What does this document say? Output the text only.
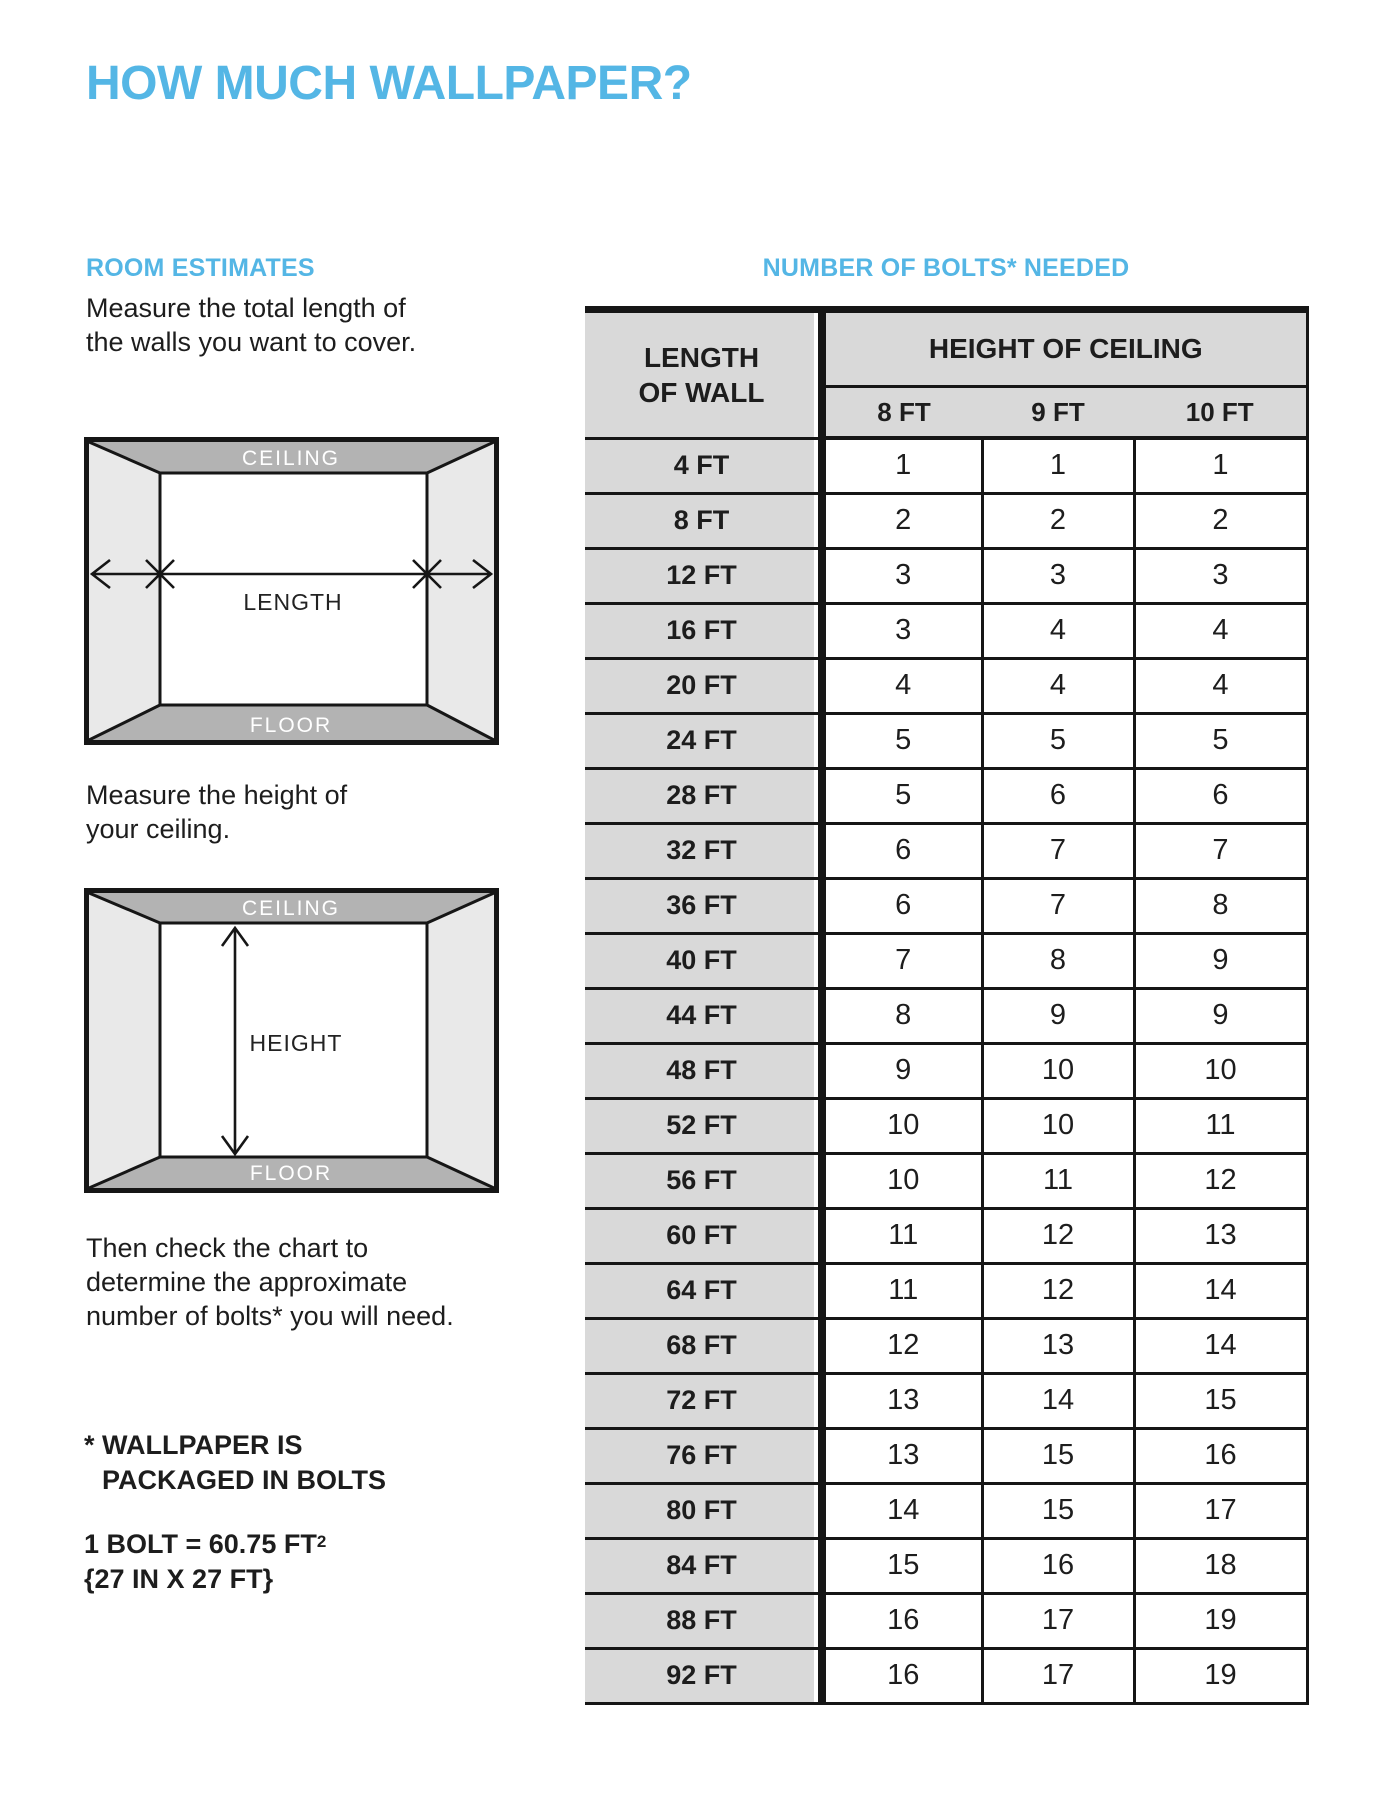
HOW MUCH WALLPAPER?
ROOM ESTIMATES
Measure the total length of
the walls you want to cover.
CEILING
FLOOR
LENGTH
Measure the height of
your ceiling.
CEILING
FLOOR
HEIGHT
Then check the chart to
determine the approximate
number of bolts* you will need.
* WALLPAPER IS
PACKAGED IN BOLTS
1 BOLT = 60.75 $FT^2$
{27 IN X 27 FT}
NUMBER OF BOLTS* NEEDED
LENGTH
OF WALL	HEIGHT OF CEILING		
	8 FT	9 FT	10 FT
4 FT	1	1	1
8 FT	2	2	2
12 FT	3	3	3
16 FT	3	4	4
20 FT	4	4	4
24 FT	5	5	5
28 FT	5	6	6
32 FT	6	7	7
36 FT	6	7	8
40 FT	7	8	9
44 FT	8	9	9
48 FT	9	10	10
52 FT	10	10	11
56 FT	10	11	12
60 FT	11	12	13
64 FT	11	12	14
68 FT	12	13	14
72 FT	13	14	15
76 FT	13	15	16
80 FT	14	15	17
84 FT	15	16	18
88 FT	16	17	19
92 FT	16	17	19
